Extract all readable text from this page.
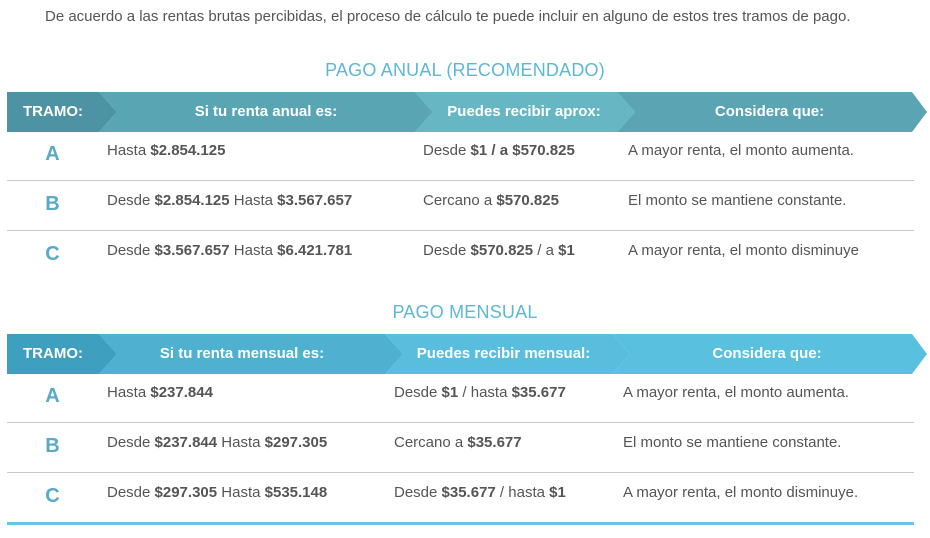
De acuerdo a las rentas brutas percibidas, el proceso de cálculo te puede incluir en alguno de estos tres tramos de pago.
PAGO ANUAL (RECOMENDADO)
TRAMO:	Si tu renta anual es:	Puedes recibir aprox:	Considera que:
A	Hasta $2.854.125	Desde $1 / a $570.825	A mayor renta, el monto aumenta.
B	Desde $2.854.125 Hasta $3.567.657	Cercano a $570.825	El monto se mantiene constante.
C	Desde $3.567.657 Hasta $6.421.781	Desde $570.825 / a $1	A mayor renta, el monto disminuye
PAGO MENSUAL
TRAMO:	Si tu renta mensual es:	Puedes recibir mensual:	Considera que:
A	Hasta $237.844	Desde $1 / hasta $35.677	A mayor renta, el monto aumenta.
B	Desde $237.844 Hasta $297.305	Cercano a $35.677	El monto se mantiene constante.
C	Desde $297.305 Hasta $535.148	Desde $35.677 / hasta $1	A mayor renta, el monto disminuye.
